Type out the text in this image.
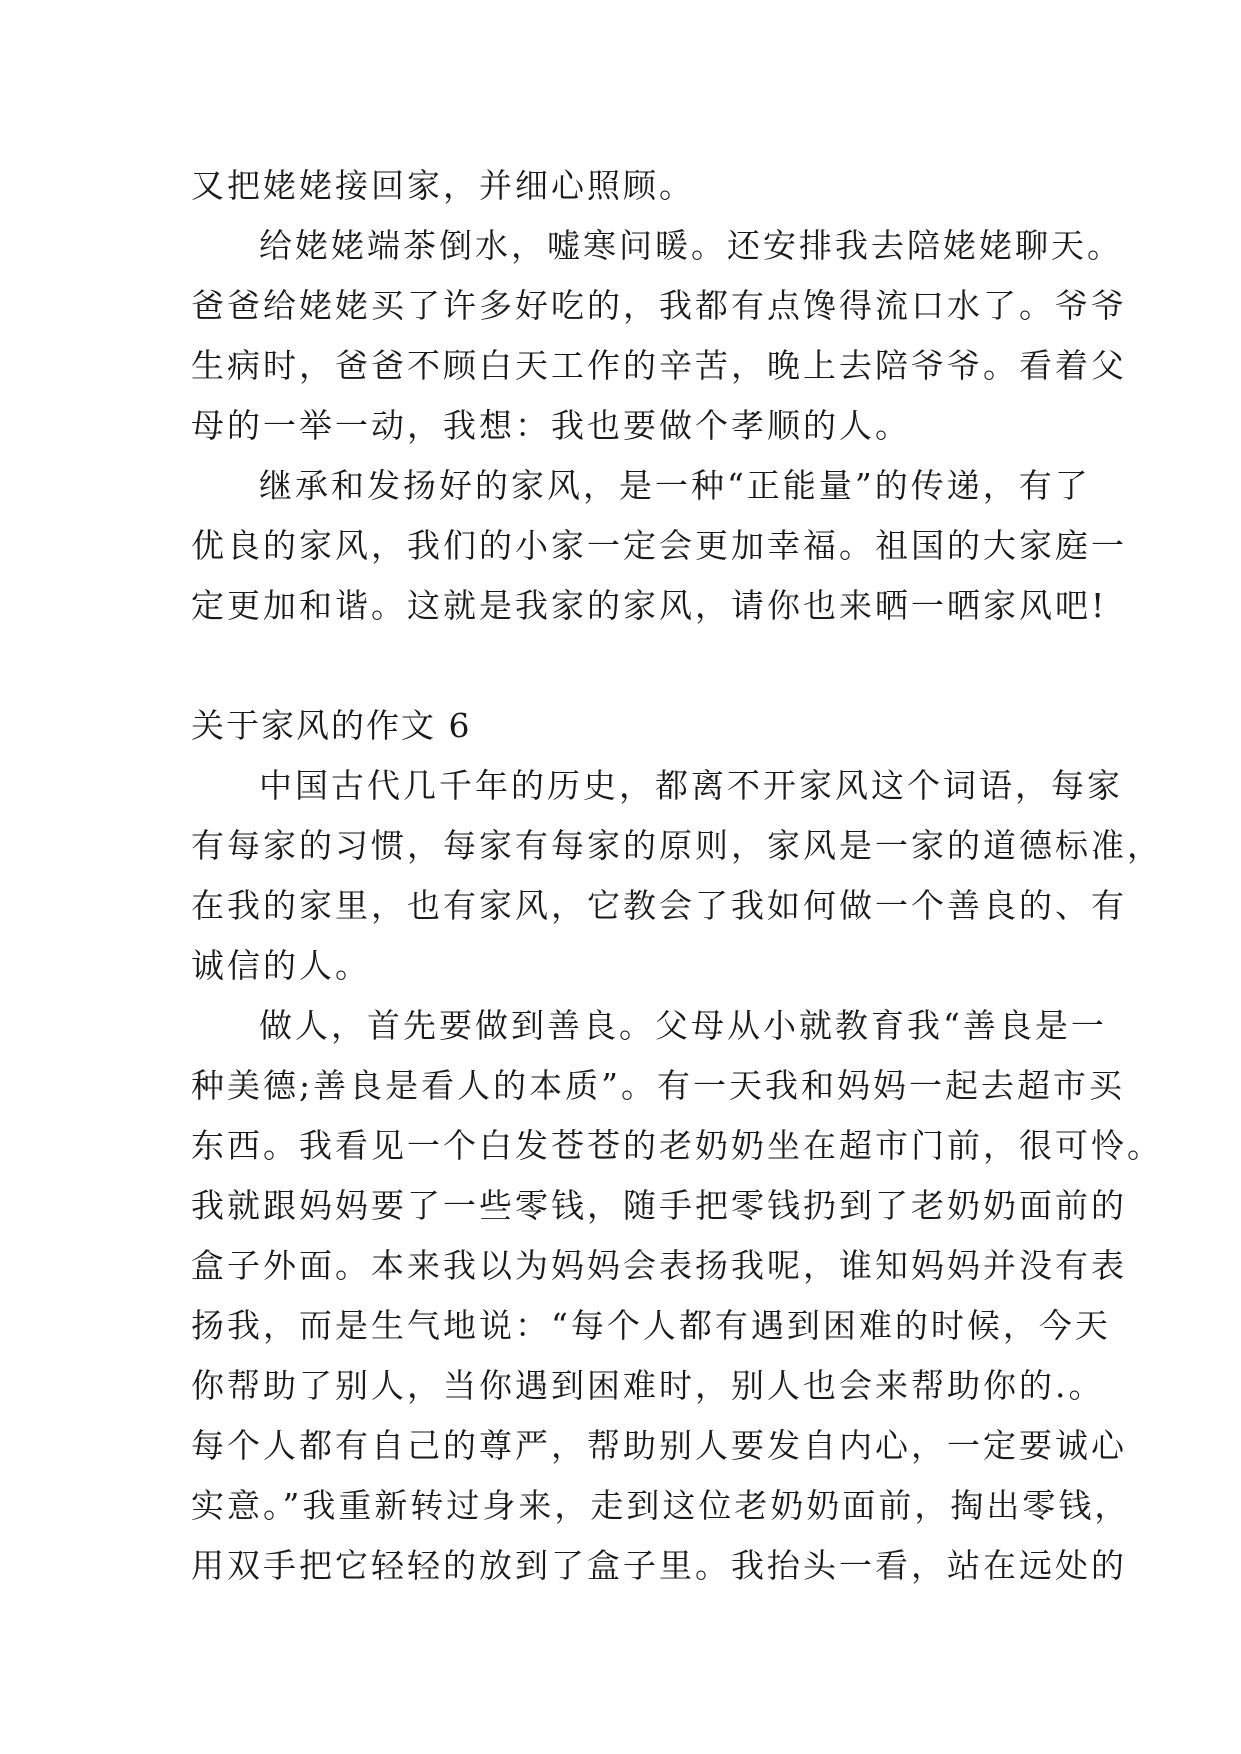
又把姥姥接回家，并细心照顾。
给姥姥端茶倒水，嘘寒问暖。还安排我去陪姥姥聊天。
爸爸给姥姥买了许多好吃的，我都有点馋得流口水了。爷爷
生病时，爸爸不顾白天工作的辛苦，晚上去陪爷爷。看着父
母的一举一动，我想：我也要做个孝顺的人。
继承和发扬好的家风，是一种“正能量”的传递，有了
优良的家风，我们的小家一定会更加幸福。祖国的大家庭一
定更加和谐。这就是我家的家风，请你也来晒一晒家风吧!
关于家风的作文 6
中国古代几千年的历史，都离不开家风这个词语，每家
有每家的习惯，每家有每家的原则，家风是一家的道德标准，
在我的家里，也有家风，它教会了我如何做一个善良的、有
诚信的人。
做人，首先要做到善良。父母从小就教育我“善良是一
种美德;善良是看人的本质”。有一天我和妈妈一起去超市买
东西。我看见一个白发苍苍的老奶奶坐在超市门前，很可怜。
我就跟妈妈要了一些零钱，随手把零钱扔到了老奶奶面前的
盒子外面。本来我以为妈妈会表扬我呢，谁知妈妈并没有表
扬我，而是生气地说：“每个人都有遇到困难的时候，今天
你帮助了别人，当你遇到困难时，别人也会来帮助你的.。
每个人都有自己的尊严，帮助别人要发自内心，一定要诚心
实意。”我重新转过身来，走到这位老奶奶面前，掏出零钱，
用双手把它轻轻的放到了盒子里。我抬头一看，站在远处的
